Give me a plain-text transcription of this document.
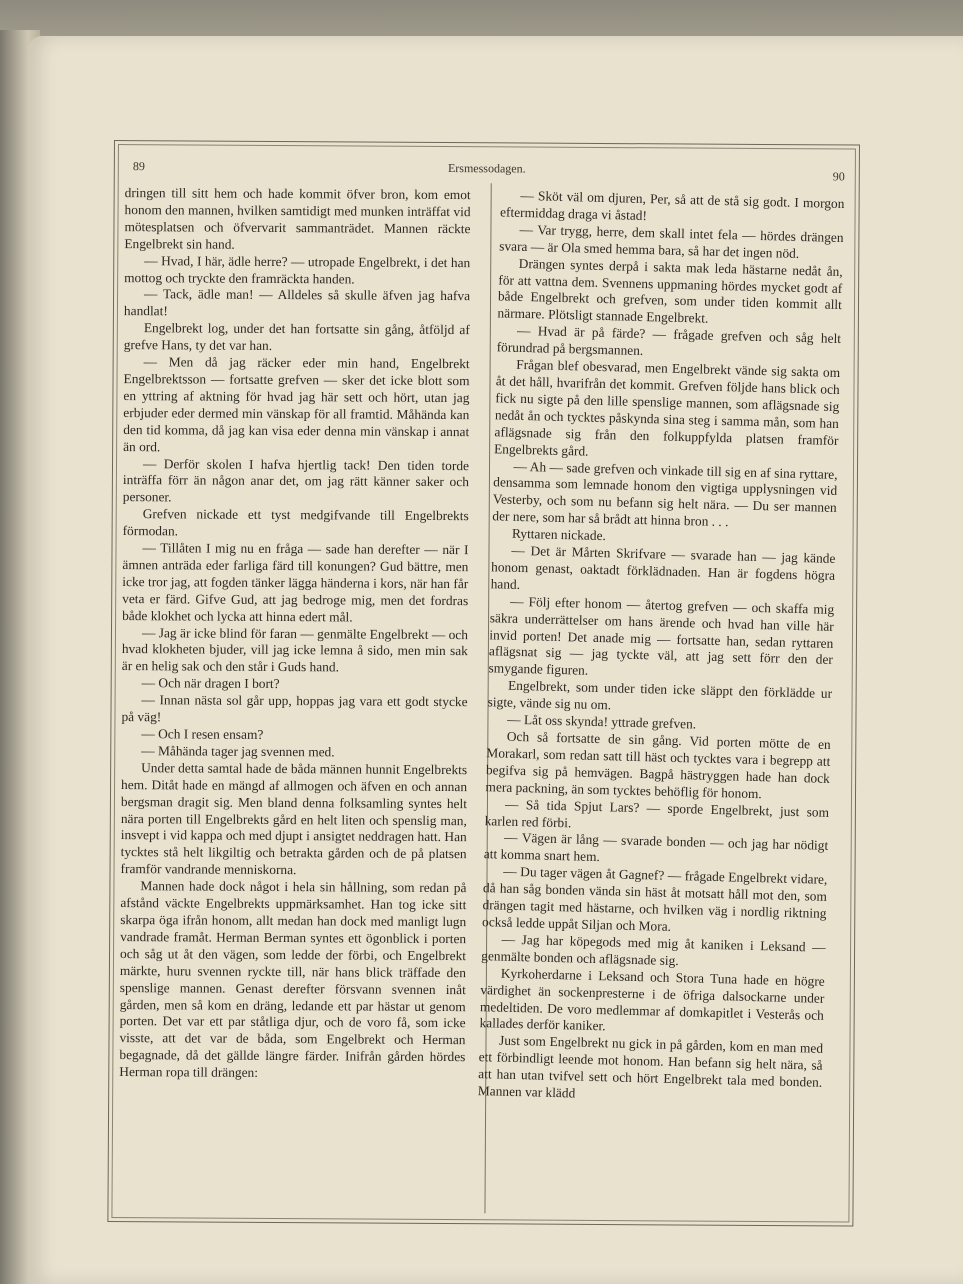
89	Ersmessodagen.
90

dringen till sitt hem och hade kommit öfver bron, kom emot honom den mannen, hvilken samtidigt med munken inträffat vid mötesplatsen och öfvervarit sammanträdet. Mannen räckte Engelbrekt sin hand.

— Hvad, I här, ädle herre? — utropade Engelbrekt, i det han mottog och tryckte den framräckta handen.

— Tack, ädle man! — Alldeles så skulle äfven jag hafva handlat!

Engelbrekt log, under det han fortsatte sin gång, åtföljd af grefve Hans, ty det var han.

— Men då jag räcker eder min hand, Engelbrekt Engelbrektsson — fortsatte grefven — sker det icke blott som en yttring af aktning för hvad jag här sett och hört, utan jag erbjuder eder dermed min vänskap för all framtid. Måhända kan den tid komma, då jag kan visa eder denna min vänskap i annat än ord.

— Derför skolen I hafva hjertlig tack! Den tiden torde inträffa förr än någon anar det, om jag rätt känner saker och personer.

Grefven nickade ett tyst medgifvande till Engelbrekts förmodan.

— Tillåten I mig nu en fråga — sade han derefter — när I ämnen anträda eder farliga färd till konungen? Gud bättre, men icke tror jag, att fogden tänker lägga händerna i kors, när han får veta er färd. Gifve Gud, att jag bedroge mig, men det fordras både klokhet och lycka att hinna edert mål.

— Jag är icke blind för faran — genmälte Engelbrekt — och hvad klokheten bjuder, vill jag icke lemna å sido, men min sak är en helig sak och den står i Guds hand.

— Och när dragen I bort?

— Innan nästa sol går upp, hoppas jag vara ett godt stycke på väg!

— Och I resen ensam?

— Måhända tager jag svennen med.

Under detta samtal hade de båda männen hunnit Engelbrekts hem. Ditåt hade en mängd af allmogen och äfven en och annan bergsman dragit sig. Men bland denna folksamling syntes helt nära porten till Engelbrekts gård en helt liten och spenslig man, insvept i vid kappa och med djupt i ansigtet neddragen hatt. Han tycktes stå helt likgiltig och betrakta gården och de på platsen framför vandrande menniskorna.

Mannen hade dock något i hela sin hållning, som redan på afstånd väckte Engelbrekts uppmärksamhet. Han tog icke sitt skarpa öga ifrån honom, allt medan han dock med manligt lugn vandrade framåt. Herman Berman syntes ett ögonblick i porten och såg ut åt den vägen, som ledde der förbi, och Engelbrekt märkte, huru svennen ryckte till, när hans blick träffade den spenslige mannen. Genast derefter försvann svennen inåt gården, men så kom en dräng, ledande ett par hästar ut genom porten. Det var ett par ståtliga djur, och de voro få, som icke visste, att det var de båda, som Engelbrekt och Herman begagnade, då det gällde längre färder. Inifrån gården hördes Herman ropa till drängen:

— Sköt väl om djuren, Per, så att de stå sig godt. I morgon eftermiddag draga vi åstad!

— Var trygg, herre, dem skall intet fela — hördes drängen svara — är Ola smed hemma bara, så har det ingen nöd.

Drängen syntes derpå i sakta mak leda hästarne nedåt ån, för att vattna dem. Svennens uppmaning hördes mycket godt af både Engelbrekt och grefven, som under tiden kommit allt närmare. Plötsligt stannade Engelbrekt.

— Hvad är på färde? — frågade grefven och såg helt förundrad på bergsmannen.

Frågan blef obesvarad, men Engelbrekt vände sig sakta om åt det håll, hvarifrån det kommit. Grefven följde hans blick och fick nu sigte på den lille spenslige mannen, som aflägsnade sig nedåt ån och tycktes påskynda sina steg i samma mån, som han aflägsnade sig från den folkuppfylda platsen framför Engelbrekts gård.

— Ah — sade grefven och vinkade till sig en af sina ryttare, densamma som lemnade honom den vigtiga upplysningen vid Vesterby, och som nu befann sig helt nära. — Du ser mannen der nere, som har så brådt att hinna bron . . .

Ryttaren nickade.

— Det är Mårten Skrifvare — svarade han — jag kände honom genast, oaktadt förklädnaden. Han är fogdens högra hand.

— Följ efter honom — återtog grefven — och skaffa mig säkra underrättelser om hans ärende och hvad han ville här invid porten! Det anade mig — fortsatte han, sedan ryttaren aflägsnat sig — jag tyckte väl, att jag sett förr den der smygande figuren.

Engelbrekt, som under tiden icke släppt den förklädde ur sigte, vände sig nu om.

— Låt oss skynda! yttrade grefven.

Och så fortsatte de sin gång. Vid porten mötte de en Morakarl, som redan satt till häst och tycktes vara i begrepp att begifva sig på hemvägen. Bagpå hästryggen hade han dock mera packning, än som tycktes behöflig för honom.

— Så tida Spjut Lars? — sporde Engelbrekt, just som karlen red förbi.

— Vägen är lång — svarade bonden — och jag har nödigt att komma snart hem.

— Du tager vägen åt Gagnef? — frågade Engelbrekt vidare, då han såg bonden vända sin häst åt motsatt håll mot den, som drängen tagit med hästarne, och hvilken väg i nordlig riktning också ledde uppåt Siljan och Mora.

— Jag har köpegods med mig åt kaniken i Leksand — genmälte bonden och aflägsnade sig.

Kyrkoherdarne i Leksand och Stora Tuna hade en högre värdighet än sockenpresterne i de öfriga dalsockarne under medeltiden. De voro medlemmar af domkapitlet i Vesterås och kallades derför kaniker.

Just som Engelbrekt nu gick in på gården, kom en man med ett förbindligt leende mot honom. Han befann sig helt nära, så att han utan tvifvel sett och hört Engelbrekt tala med bonden. Mannen var klädd
